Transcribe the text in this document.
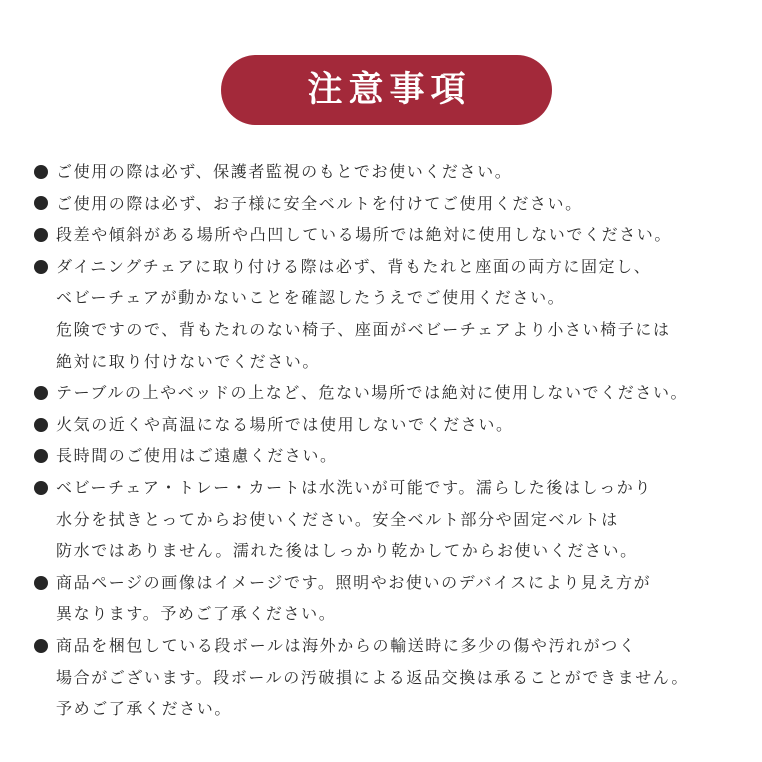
注意事項
ご使用の際は必ず、保護者監視のもとでお使いください。
ご使用の際は必ず、お子様に安全ベルトを付けてご使用ください。
段差や傾斜がある場所や凸凹している場所では絶対に使用しないでください。
ダイニングチェアに取り付ける際は必ず、背もたれと座面の両方に固定し、
ベビーチェアが動かないことを確認したうえでご使用ください。
危険ですので、背もたれのない椅子、座面がベビーチェアより小さい椅子には
絶対に取り付けないでください。
テーブルの上やベッドの上など、危ない場所では絶対に使用しないでください。
火気の近くや高温になる場所では使用しないでください。
長時間のご使用はご遠慮ください。
ベビーチェア・トレー・カートは水洗いが可能です。濡らした後はしっかり
水分を拭きとってからお使いください。安全ベルト部分や固定ベルトは
防水ではありません。濡れた後はしっかり乾かしてからお使いください。
商品ページの画像はイメージです。照明やお使いのデバイスにより見え方が
異なります。予めご了承ください。
商品を梱包している段ボールは海外からの輸送時に多少の傷や汚れがつく
場合がございます。段ボールの汚破損による返品交換は承ることができません。
予めご了承ください。
